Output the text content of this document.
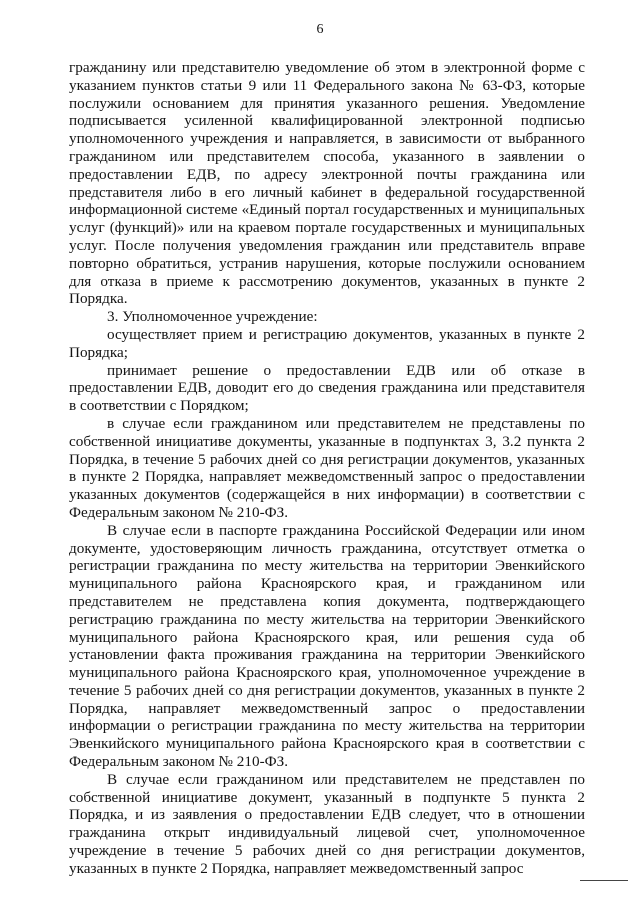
6

гражданину или представителю уведомление об этом в электронной форме с указанием пунктов статьи 9 или 11 Федерального закона № 63-ФЗ, которые послужили основанием для принятия указанного решения. Уведомление подписывается усиленной квалифицированной электронной подписью уполномоченного учреждения и направляется, в зависимости от выбранного гражданином или представителем способа, указанного в заявлении о предоставлении ЕДВ, по адресу электронной почты гражданина или представителя либо в его личный кабинет в федеральной государственной информационной системе «Единый портал государственных и муниципальных услуг (функций)» или на краевом портале государственных и муниципальных услуг. После получения уведомления гражданин или представитель вправе повторно обратиться, устранив нарушения, которые послужили основанием для отказа в приеме к рассмотрению документов, указанных в пункте 2 Порядка.

3. Уполномоченное учреждение:

осуществляет прием и регистрацию документов, указанных в пункте 2 Порядка;

принимает решение о предоставлении ЕДВ или об отказе в предоставлении ЕДВ, доводит его до сведения гражданина или представителя в соответствии с Порядком;

в случае если гражданином или представителем не представлены по собственной инициативе документы, указанные в подпунктах 3, 3.2 пункта 2 Порядка, в течение 5 рабочих дней со дня регистрации документов, указанных в пункте 2 Порядка, направляет межведомственный запрос о предоставлении указанных документов (содержащейся в них информации) в соответствии с Федеральным законом № 210-ФЗ.

В случае если в паспорте гражданина Российской Федерации или ином документе, удостоверяющим личность гражданина, отсутствует отметка о регистрации гражданина по месту жительства на территории Эвенкийского муниципального района Красноярского края, и гражданином или представителем не представлена копия документа, подтверждающего регистрацию гражданина по месту жительства на территории Эвенкийского муниципального района Красноярского края, или решения суда об установлении факта проживания гражданина на территории Эвенкийского муниципального района Красноярского края, уполномоченное учреждение в течение 5 рабочих дней со дня регистрации документов, указанных в пункте 2 Порядка, направляет межведомственный запрос о предоставлении информации о регистрации гражданина по месту жительства на территории Эвенкийского муниципального района Красноярского края в соответствии с Федеральным законом № 210-ФЗ.

В случае если гражданином или представителем не представлен по собственной инициативе документ, указанный в подпункте 5 пункта 2 Порядка, и из заявления о предоставлении ЕДВ следует, что в отношении гражданина открыт индивидуальный лицевой счет, уполномоченное учреждение в течение 5 рабочих дней со дня регистрации документов, указанных в пункте 2 Порядка, направляет межведомственный запрос
